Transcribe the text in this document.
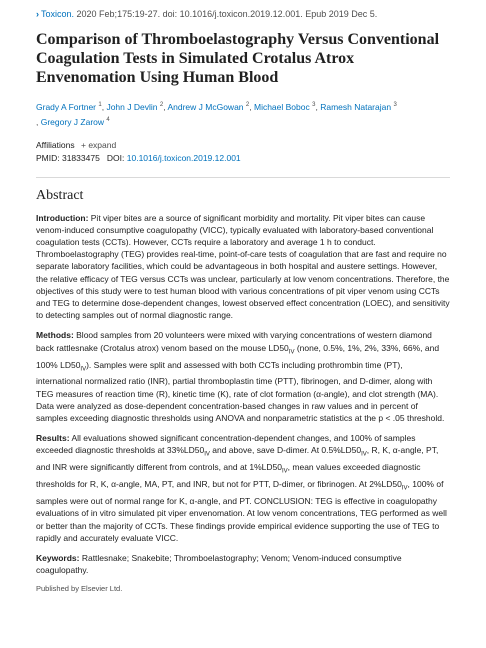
› Toxicon. 2020 Feb;175:19-27. doi: 10.1016/j.toxicon.2019.12.001. Epub 2019 Dec 5.
Comparison of Thromboelastography Versus Conventional Coagulation Tests in Simulated Crotalus Atrox Envenomation Using Human Blood
Grady A Fortner $^1$, John J Devlin $^2$, Andrew J McGowan $^2$, Michael Boboc $^3$, Ramesh Natarajan $^3$
, Gregory J Zarow $^4$
Affiliations + expand
PMID: 31833475 DOI: 10.1016/j.toxicon.2019.12.001
Abstract

Introduction: Pit viper bites are a source of significant morbidity and mortality. Pit viper bites can cause venom-induced consumptive coagulopathy (VICC), typically evaluated with laboratory-based conventional coagulation tests (CCTs). However, CCTs require a laboratory and average 1 h to conduct. Thromboelastography (TEG) provides real-time, point-of-care tests of coagulation that are fast and require no separate laboratory facilities, which could be advantageous in both hospital and austere settings. However, the relative efficacy of TEG versus CCTs was unclear, particularly at low venom concentrations. Therefore, the objectives of this study were to test human blood with various concentrations of pit viper venom using CCTs and TEG to determine dose-dependent changes, lowest observed effect concentration (LOEC), and sensitivity to detecting samples out of normal diagnostic range.

Methods: Blood samples from 20 volunteers were mixed with varying concentrations of western diamond back rattlesnake (Crotalus atrox) venom based on the mouse $LD50_{IV}$ (none, 0.5%, 1%, 2%, 33%, 66%, and 100% $LD50_{IV}$). Samples were split and assessed with both CCTs including prothrombin time (PT), international normalized ratio (INR), partial thromboplastin time (PTT), fibrinogen, and D-dimer, along with TEG measures of reaction time (R), kinetic time (K), rate of clot formation (α-angle), and clot strength (MA). Data were analyzed as dose-dependent concentration-based changes in raw values and in percent of samples exceeding diagnostic thresholds using ANOVA and nonparametric statistics at the p < .05 threshold.

Results: All evaluations showed significant concentration-dependent changes, and 100% of samples exceeded diagnostic thresholds at $33\%LD50_{IV}$ and above, save D-dimer. At $0.5\%LD50_{IV}$, R, K, α-angle, PT, and INR were significantly different from controls, and at $1\%LD50_{IV}$, mean values exceeded diagnostic thresholds for R, K, α-angle, MA, PT, and INR, but not for PTT, D-dimer, or fibrinogen. At $2\%LD50_{IV}$, 100% of samples were out of normal range for K, α-angle, and PT. CONCLUSION: TEG is effective in coagulopathy evaluations of in vitro simulated pit viper envenomation. At low venom concentrations, TEG performed as well or better than the majority of CCTs. These findings provide empirical evidence supporting the use of TEG to rapidly and accurately evaluate VICC.

Keywords: Rattlesnake; Snakebite; Thromboelastography; Venom; Venom-induced consumptive coagulopathy.

Published by Elsevier Ltd.
